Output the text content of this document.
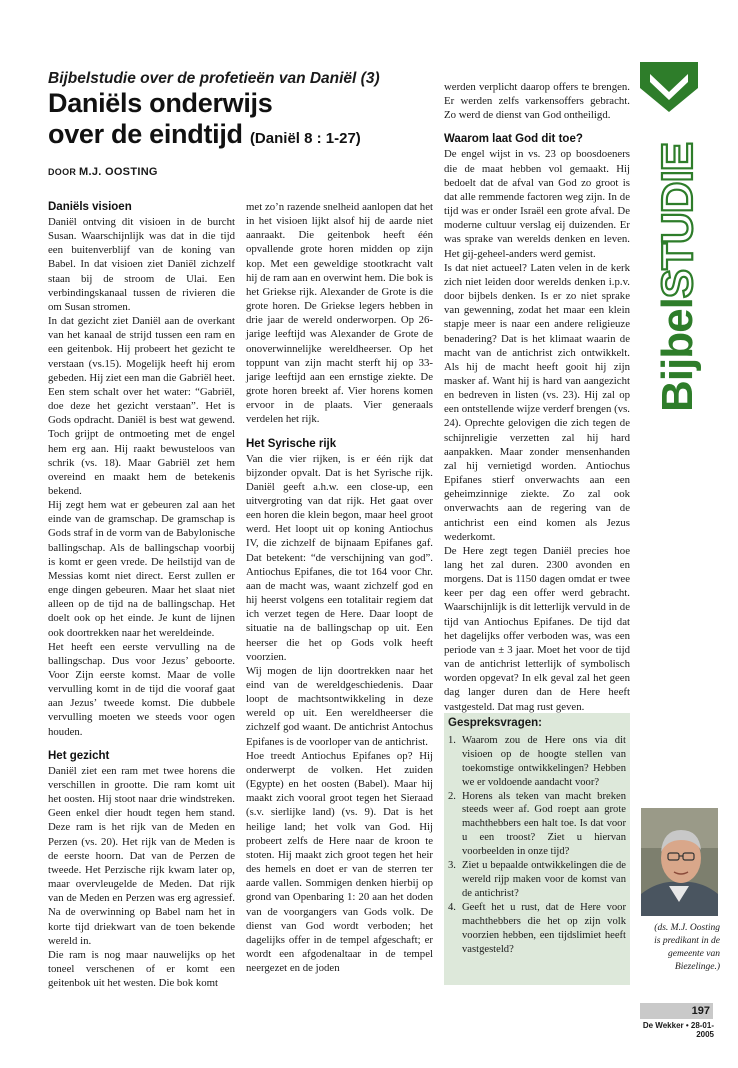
Bijbelstudie over de profetieën van Daniël (3)
Daniëls onderwijs
over de eindtijd (Daniël 8 : 1-27)
DOOR M.J. OOSTING
BijbelSTUDIE
Daniëls visioen

Daniël ontving dit visioen in de burcht Susan. Waarschijnlijk was dat in die tijd een buitenverblijf van de koning van Babel. In dat visioen ziet Daniël zichzelf staan bij de stroom de Ulai. Een verbindingskanaal tussen de rivieren die om Susan stromen.

In dat gezicht ziet Daniël aan de overkant van het kanaal de strijd tussen een ram en een geitenbok. Hij probeert het gezicht te verstaan (vs.15). Mogelijk heeft hij erom gebeden. Hij ziet een man die Gabriël heet. Een stem schalt over het water: “Gabriël, doe deze het gezicht verstaan”. Het is Gods opdracht. Daniël is best wat gewend. Toch grijpt de ontmoeting met de engel hem erg aan. Hij raakt bewusteloos van schrik (vs. 18). Maar Gabriël zet hem overeind en maakt hem de betekenis bekend.

Hij zegt hem wat er gebeuren zal aan het einde van de gramschap. De gramschap is Gods straf in de vorm van de Babylonische ballingschap. Als de ballingschap voorbij is komt er geen vrede. De heilstijd van de Messias komt niet direct. Eerst zullen er enge dingen gebeuren. Maar het slaat niet alleen op de tijd na de ballingschap. Het doelt ook op het einde. Je kunt de lijnen ook doortrekken naar het wereldeinde.

Het heeft een eerste vervulling na de ballingschap. Dus voor Jezus’ geboorte. Voor Zijn eerste komst. Maar de volle vervulling komt in de tijd die vooraf gaat aan Jezus’ tweede komst. Die dubbele vervulling moeten we steeds voor ogen houden.

Het gezicht

Daniël ziet een ram met twee horens die verschillen in grootte. Die ram komt uit het oosten. Hij stoot naar drie windstreken. Geen enkel dier houdt tegen hem stand. Deze ram is het rijk van de Meden en Perzen (vs. 20). Het rijk van de Meden is de eerste hoorn. Dat van de Perzen de tweede. Het Perzische rijk kwam later op, maar overvleugelde de Meden. Dat rijk van de Meden en Perzen was erg agressief. Na de overwinning op Babel nam het in korte tijd driekwart van de toen bekende wereld in.

Die ram is nog maar nauwelijks op het toneel verschenen of er komt een geitenbok uit het westen. Die bok komt

met zo’n razende snelheid aanlopen dat het in het visioen lijkt alsof hij de aarde niet aanraakt. Die geitenbok heeft één opvallende grote horen midden op zijn kop. Met een geweldige stootkracht valt hij de ram aan en overwint hem. Die bok is het Griekse rijk. Alexander de Grote is die grote horen. De Griekse legers hebben in drie jaar de wereld onderworpen. Op 26-jarige leeftijd was Alexander de Grote de onoverwinnelijke wereldheerser. Op het toppunt van zijn macht sterft hij op 33-jarige leeftijd aan een ernstige ziekte. De grote horen breekt af. Vier horens komen ervoor in de plaats. Vier generaals verdelen het rijk.

Het Syrische rijk

Van die vier rijken, is er één rijk dat bijzonder opvalt. Dat is het Syrische rijk. Daniël geeft a.h.w. een close-up, een uitvergroting van dat rijk. Het gaat over een horen die klein begon, maar heel groot werd. Het loopt uit op koning Antiochus IV, die zichzelf de bijnaam Epifanes gaf. Dat betekent: “de verschijning van god”. Antiochus Epifanes, die tot 164 voor Chr. aan de macht was, waant zichzelf god en hij heerst volgens een totalitair regiem dat ich verzet tegen de Here. Daar loopt de situatie na de ballingschap op uit. Een heerser die het op Gods volk heeft voorzien.

Wij mogen de lijn doortrekken naar het eind van de wereldgeschiedenis. Daar loopt de machtsontwikkeling in deze wereld op uit. Een wereldheerser die zichzelf god waant. De antichrist Antochus Epifanes is de voorloper van de antichrist.

Hoe treedt Antiochus Epifanes op? Hij onderwerpt de volken. Het zuiden (Egypte) en het oosten (Babel). Maar hij maakt zich vooral groot tegen het Sieraad (s.v. sierlijke land) (vs. 9). Dat is het heilige land; het volk van God. Hij probeert zelfs de Here naar de kroon te stoten. Hij maakt zich groot tegen het heir des hemels en doet er van de sterren ter aarde vallen. Sommigen denken hierbij op grond van Openbaring 1: 20 aan het doden van de voorgangers van Gods volk. De dienst van God wordt verboden; het dagelijks offer in de tempel afgeschaft; er wordt een afgodenaltaar in de tempel neergezet en de joden

werden verplicht daarop offers te brengen. Er werden zelfs varkensoffers gebracht. Zo werd de dienst van God ontheiligd.

Waarom laat God dit toe?

De engel wijst in vs. 23 op boosdoeners die de maat hebben vol gemaakt. Hij bedoelt dat de afval van God zo groot is dat alle remmende factoren weg zijn. In de tijd was er onder Israël een grote afval. De moderne cultuur verslag eij duizenden. Er was sprake van werelds denken en leven. Het gij-geheel-anders werd gemist.

Is dat niet actueel? Laten velen in de kerk zich niet leiden door werelds denken i.p.v. door bijbels denken. Is er zo niet sprake van gewenning, zodat het maar een klein stapje meer is naar een andere religieuze benadering? Dat is het klimaat waarin de macht van de antichrist zich ontwikkelt. Als hij de macht heeft gooit hij zijn masker af. Want hij is hard van aangezicht en bedreven in listen (vs. 23). Hij zal op een ontstellende wijze verderf brengen (vs. 24). Oprechte gelovigen die zich tegen de schijnreligie verzetten zal hij hard aanpakken. Maar zonder mensenhanden zal hij vernietigd worden. Antiochus Epifanes stierf onverwachts aan een geheimzinnige ziekte. Zo zal ook onverwachts aan de regering van de antichrist een eind komen als Jezus wederkomt.

De Here zegt tegen Daniël precies hoe lang het zal duren. 2300 avonden en morgens. Dat is 1150 dagen omdat er twee keer per dag een offer werd gebracht. Waarschijnlijk is dit letterlijk vervuld in de tijd van Antiochus Epifanes. De tijd dat het dagelijks offer verboden was, was een periode van ± 3 jaar. Moet het voor de tijd van de antichrist letterlijk of symbolisch worden opgevat? In elk geval zal het geen dag langer duren dan de Here heeft vastgesteld. Dat mag rust geven.

Gespreksvragen:
1. Waarom zou de Here ons via dit visioen op de hoogte stellen van toekomstige ontwikkelingen? Hebben we er voldoende aandacht voor?
2. Horens als teken van macht breken steeds weer af. God roept aan grote machthebbers een halt toe. Is dat voor u een troost? Ziet u hiervan voorbeelden in onze tijd?
3. Ziet u bepaalde ontwikkelingen die de wereld rijp maken voor de komst van de antichrist?
4. Geeft het u rust, dat de Here voor machthebbers die het op zijn volk voorzien hebben, een tijdslimiet heeft vastgesteld?
(ds. M.J. Oosting
is predikant in de
gemeente van
Biezelinge.)
197
De Wekker • 28-01-2005
